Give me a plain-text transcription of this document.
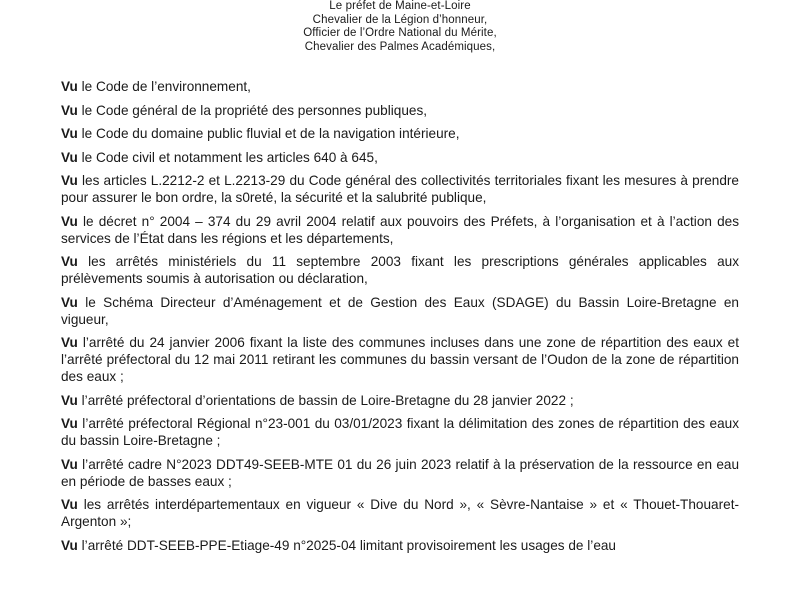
Le préfet de Maine-et-Loire
Chevalier de la Légion d’honneur,
Officier de l’Ordre National du Mérite,
Chevalier des Palmes Académiques,

Vu le Code de l’environnement,

Vu le Code général de la propriété des personnes publiques,

Vu le Code du domaine public fluvial et de la navigation intérieure,

Vu le Code civil et notamment les articles 640 à 645,

Vu les articles L.2212-2 et L.2213-29 du Code général des collectivités territoriales fixant les mesures à prendre pour assurer le bon ordre, la s0reté, la sécurité et la salubrité publique,

Vu le décret n° 2004 – 374 du 29 avril 2004 relatif aux pouvoirs des Préfets, à l’organisation et à l’action des services de l’État dans les régions et les départements,

Vu les arrêtés ministériels du 11 septembre 2003 fixant les prescriptions générales applicables aux prélèvements soumis à autorisation ou déclaration,

Vu le Schéma Directeur d’Aménagement et de Gestion des Eaux (SDAGE) du Bassin Loire-Bretagne en vigueur,

Vu l’arrêté du 24 janvier 2006 fixant la liste des communes incluses dans une zone de répartition des eaux et l’arrêté préfectoral du 12 mai 2011 retirant les communes du bassin versant de l’Oudon de la zone de répartition des eaux ;

Vu l’arrêté préfectoral d’orientations de bassin de Loire-Bretagne du 28 janvier 2022 ;

Vu l’arrêté préfectoral Régional n°23-001 du 03/01/2023 fixant la délimitation des zones de répartition des eaux du bassin Loire-Bretagne ;

Vu l’arrêté cadre N°2023 DDT49-SEEB-MTE 01 du 26 juin 2023 relatif à la préservation de la ressource en eau en période de basses eaux ;

Vu les arrêtés interdépartementaux en vigueur « Dive du Nord », « Sèvre-Nantaise » et « Thouet-Thouaret-Argenton »;

Vu l’arrêté DDT-SEEB-PPE-Etiage-49 n°2025-04 limitant provisoirement les usages de l’eau
